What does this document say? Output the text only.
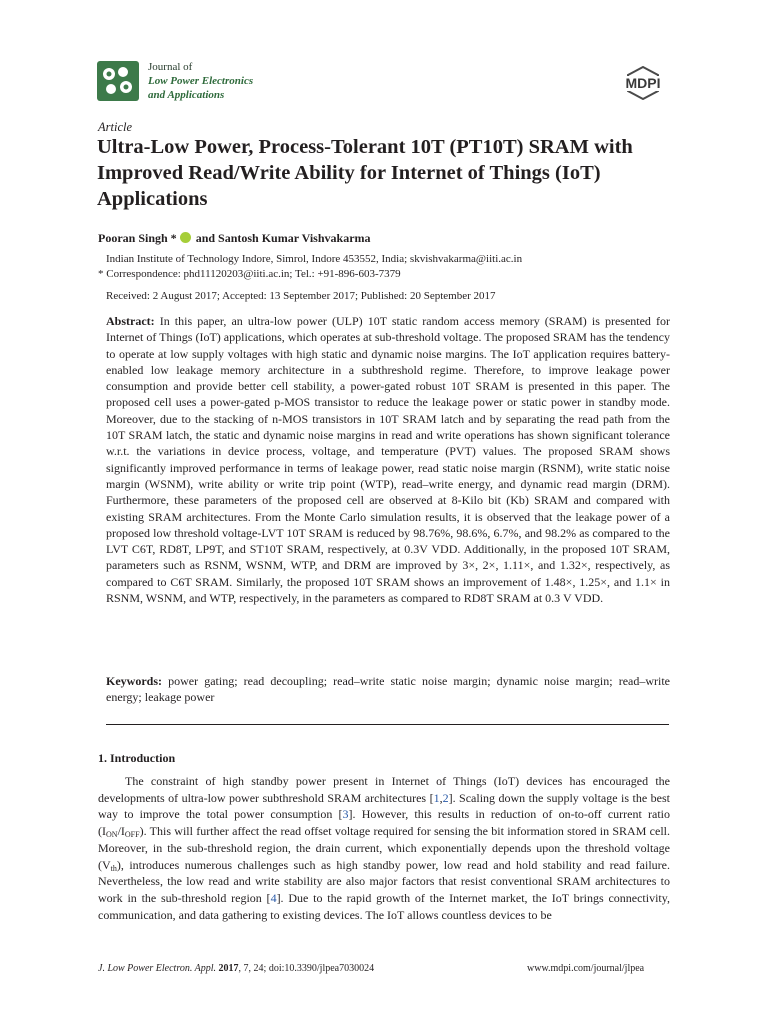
Journal of
Low Power Electronics
and Applications
MDPI
Article
Ultra-Low Power, Process-Tolerant 10T (PT10T) SRAM with Improved Read/Write Ability for Internet of Things (IoT) Applications
Pooran Singh * and Santosh Kumar Vishvakarma
Indian Institute of Technology Indore, Simrol, Indore 453552, India; skvishvakarma@iiti.ac.in
* Correspondence: phd11120203@iiti.ac.in; Tel.: +91-896-603-7379
Received: 2 August 2017; Accepted: 13 September 2017; Published: 20 September 2017

Abstract: In this paper, an ultra-low power (ULP) 10T static random access memory (SRAM) is presented for Internet of Things (IoT) applications, which operates at sub-threshold voltage. The proposed SRAM has the tendency to operate at low supply voltages with high static and dynamic noise margins. The IoT application requires battery-enabled low leakage memory architecture in a subthreshold regime. Therefore, to improve leakage power consumption and provide better cell stability, a power-gated robust 10T SRAM is presented in this paper. The proposed cell uses a power-gated p-MOS transistor to reduce the leakage power or static power in standby mode. Moreover, due to the stacking of n-MOS transistors in 10T SRAM latch and by separating the read path from the 10T SRAM latch, the static and dynamic noise margins in read and write operations has shown significant tolerance w.r.t. the variations in device process, voltage, and temperature (PVT) values. The proposed SRAM shows significantly improved performance in terms of leakage power, read static noise margin (RSNM), write static noise margin (WSNM), write ability or write trip point (WTP), read–write energy, and dynamic read margin (DRM). Furthermore, these parameters of the proposed cell are observed at 8-Kilo bit (Kb) SRAM and compared with existing SRAM architectures. From the Monte Carlo simulation results, it is observed that the leakage power of a proposed low threshold voltage-LVT 10T SRAM is reduced by 98.76%, 98.6%, 6.7%, and 98.2% as compared to the LVT C6T, RD8T, LP9T, and ST10T SRAM, respectively, at 0.3V VDD. Additionally, in the proposed 10T SRAM, parameters such as RSNM, WSNM, WTP, and DRM are improved by 3×, 2×, 1.11×, and 1.32×, respectively, as compared to C6T SRAM. Similarly, the proposed 10T SRAM shows an improvement of 1.48×, 1.25×, and 1.1× in RSNM, WSNM, and WTP, respectively, in the parameters as compared to RD8T SRAM at 0.3 V VDD.

Keywords: power gating; read decoupling; read–write static noise margin; dynamic noise margin; read–write energy; leakage power

1. Introduction

The constraint of high standby power present in Internet of Things (IoT) devices has encouraged the developments of ultra-low power subthreshold SRAM architectures [1,2]. Scaling down the supply voltage is the best way to improve the total power consumption [3]. However, this results in reduction of on-to-off current ratio $(I_{ON}/I_{OFF})$. This will further affect the read offset voltage required for sensing the bit information stored in SRAM cell. Moreover, in the sub-threshold region, the drain current, which exponentially depends upon the threshold voltage $(V_{th})$, introduces numerous challenges such as high standby power, low read and hold stability and read failure. Nevertheless, the low read and write stability are also major factors that resist conventional SRAM architectures to work in the sub-threshold region [4]. Due to the rapid growth of the Internet market, the IoT brings connectivity, communication, and data gathering to existing devices. The IoT allows countless devices to be

J. Low Power Electron. Appl. 2017, 7, 24; doi:10.3390/jlpea7030024	www.mdpi.com/journal/jlpea
